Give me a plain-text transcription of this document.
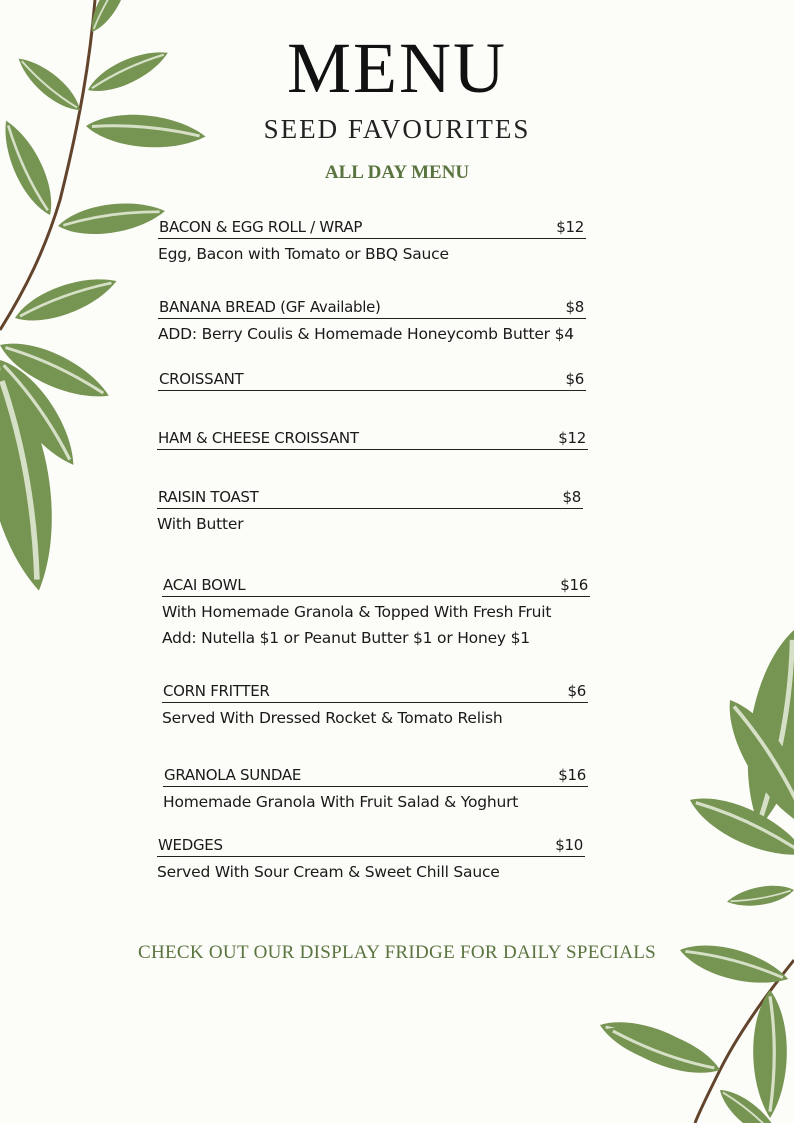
MENU
SEED FAVOURITES
ALL DAY MENU
BACON & EGG ROLL / WRAP	$12
Egg, Bacon with Tomato or BBQ Sauce
BANANA BREAD (GF Available)	$8
ADD: Berry Coulis & Homemade Honeycomb Butter $4
CROISSANT	$6
HAM & CHEESE CROISSANT	$12
RAISIN TOAST	$8
With Butter
ACAI BOWL	$16
With Homemade Granola & Topped With Fresh Fruit
Add: Nutella $1 or Peanut Butter $1 or Honey $1
CORN FRITTER	$6
Served With Dressed Rocket & Tomato Relish
GRANOLA SUNDAE	$16
Homemade Granola With Fruit Salad & Yoghurt
WEDGES	$10
Served With Sour Cream & Sweet Chill Sauce
CHECK OUT OUR DISPLAY FRIDGE FOR DAILY SPECIALS
